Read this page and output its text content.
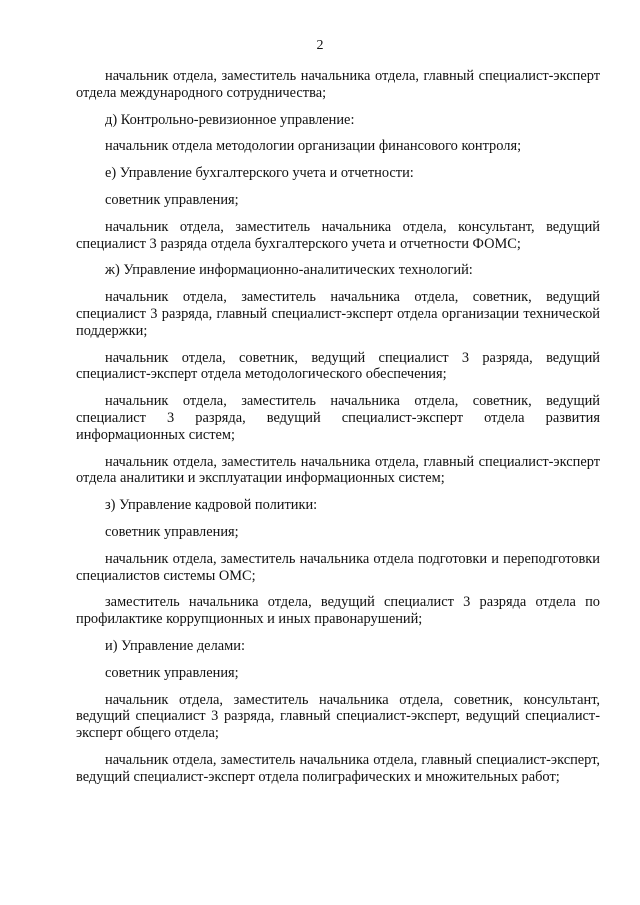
2

начальник отдела, заместитель начальника отдела, главный специалист-эксперт отдела международного сотрудничества;

д) Контрольно-ревизионное управление:

начальник отдела методологии организации финансового контроля;

е) Управление бухгалтерского учета и отчетности:

советник управления;

начальник отдела, заместитель начальника отдела, консультант, ведущий специалист 3 разряда отдела бухгалтерского учета и отчетности ФОМС;

ж) Управление информационно-аналитических технологий:

начальник отдела, заместитель начальника отдела, советник, ведущий специалист 3 разряда, главный специалист-эксперт отдела организации технической поддержки;

начальник отдела, советник, ведущий специалист 3 разряда, ведущий специалист-эксперт отдела методологического обеспечения;

начальник отдела, заместитель начальника отдела, советник, ведущий специалист 3 разряда, ведущий специалист-эксперт отдела развития информационных систем;

начальник отдела, заместитель начальника отдела, главный специалист-эксперт отдела аналитики и эксплуатации информационных систем;

з) Управление кадровой политики:

советник управления;

начальник отдела, заместитель начальника отдела подготовки и переподготовки специалистов системы ОМС;

заместитель начальника отдела, ведущий специалист 3 разряда отдела по профилактике коррупционных и иных правонарушений;

и) Управление делами:

советник управления;

начальник отдела, заместитель начальника отдела, советник, консультант, ведущий специалист 3 разряда, главный специалист-эксперт, ведущий специалист-эксперт общего отдела;

начальник отдела, заместитель начальника отдела, главный специалист-эксперт, ведущий специалист-эксперт отдела полиграфических и множительных работ;
